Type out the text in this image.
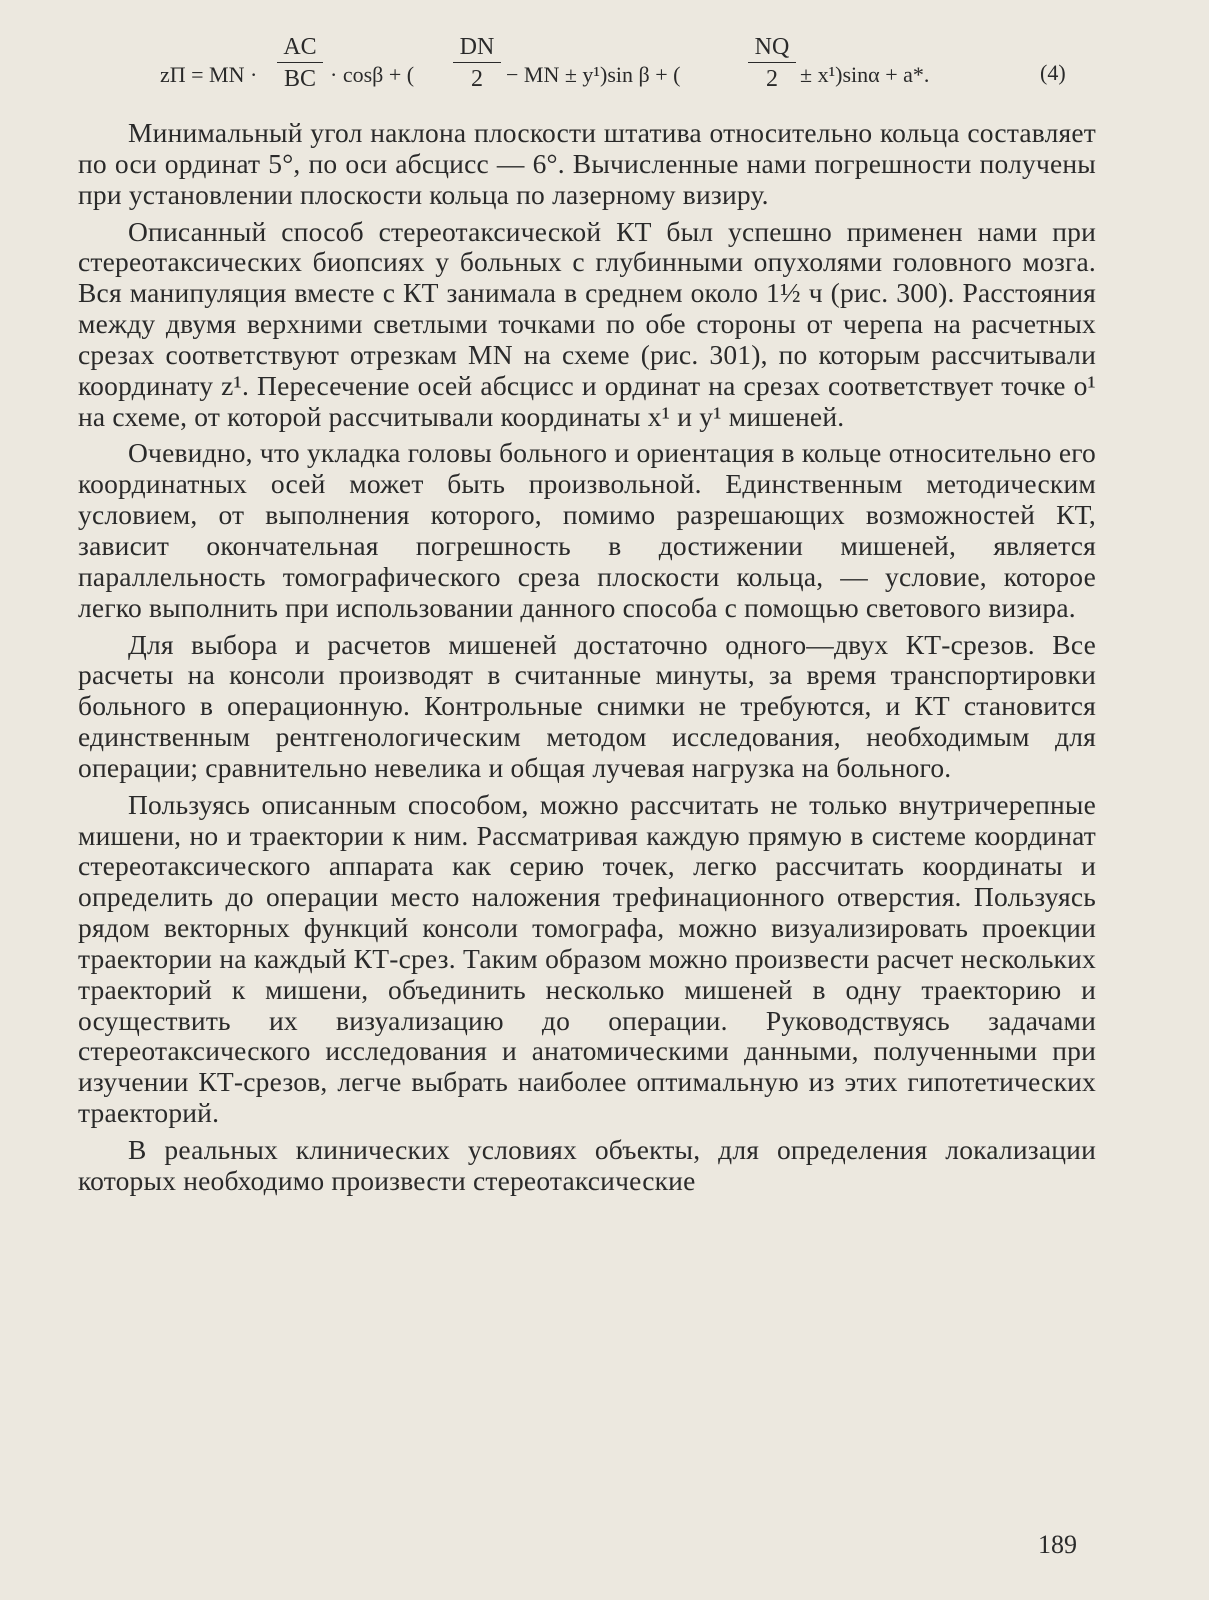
zП = MN ·
AC
BC · cosβ + (
DN
2	− MN ± y¹)sin β + (
NQ
2	± x¹)sinα + a*.	(4)

Минимальный угол наклона плоскости штатива относительно кольца составляет по оси ординат 5°, по оси абсцисс — 6°. Вычисленные нами погрешности получены при установлении плоскости кольца по лазерному визиру.

Описанный способ стереотаксической КТ был успешно применен нами при стереотаксических биопсиях у больных с глубинными опухолями головного мозга. Вся манипуляция вместе с КТ занимала в среднем около 1½ ч (рис. 300). Расстояния между двумя верхними светлыми точками по обе стороны от черепа на расчетных срезах соответствуют отрезкам MN на схеме (рис. 301), по которым рассчитывали координату z¹. Пересечение осей абсцисс и ординат на срезах соответствует точке o¹ на схеме, от которой рассчитывали координаты x¹ и y¹ мишеней.

Очевидно, что укладка головы больного и ориентация в кольце относительно его координатных осей может быть произвольной. Единственным методическим условием, от выполнения которого, помимо разрешающих возможностей КТ, зависит окончательная погрешность в достижении мишеней, является параллельность томографического среза плоскости кольца, — условие, которое легко выполнить при использовании данного способа с помощью светового визира.

Для выбора и расчетов мишеней достаточно одного—двух КТ-срезов. Все расчеты на консоли производят в считанные минуты, за время транспортировки больного в операционную. Контрольные снимки не требуются, и КТ становится единственным рентгенологическим методом исследования, необходимым для операции; сравнительно невелика и общая лучевая нагрузка на больного.

Пользуясь описанным способом, можно рассчитать не только внутричерепные мишени, но и траектории к ним. Рассматривая каждую прямую в системе координат стереотаксического аппарата как серию точек, легко рассчитать координаты и определить до операции место наложения трефинационного отверстия. Пользуясь рядом векторных функций консоли томографа, можно визуализировать проекции траектории на каждый КТ-срез. Таким образом можно произвести расчет нескольких траекторий к мишени, объединить несколько мишеней в одну траекторию и осуществить их визуализацию до операции. Руководствуясь задачами стереотаксического исследования и анатомическими данными, полученными при изучении КТ-срезов, легче выбрать наиболее оптимальную из этих гипотетических траекторий.

В реальных клинических условиях объекты, для определения локализации которых необходимо произвести стереотаксические

189
